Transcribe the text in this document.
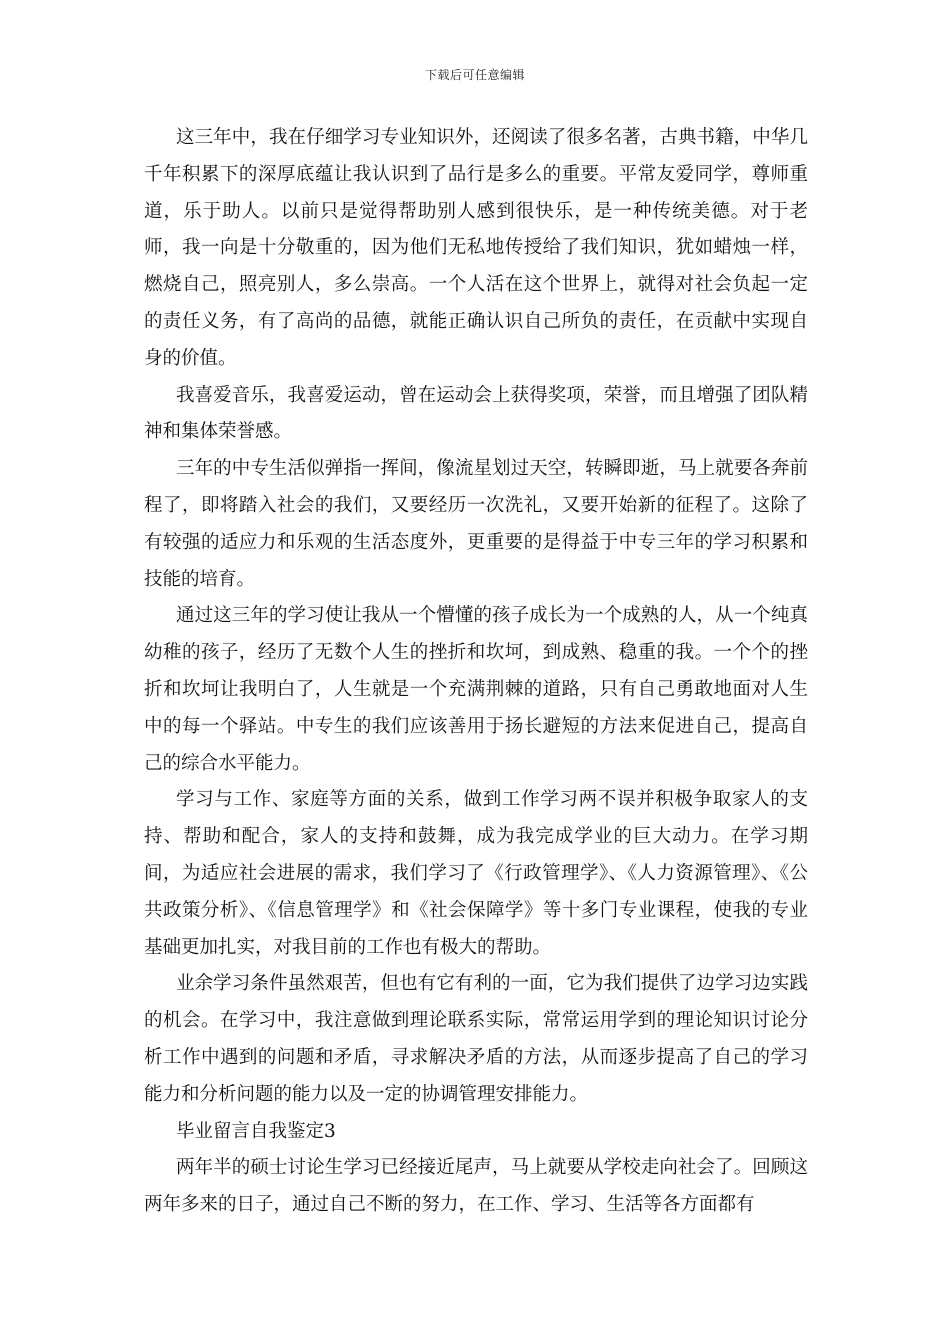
下载后可任意编辑

这三年中，我在仔细学习专业知识外，还阅读了很多名著，古典书籍，中华几千年积累下的深厚底蕴让我认识到了品行是多么的重要。平常友爱同学，尊师重道，乐于助人。以前只是觉得帮助别人感到很快乐，是一种传统美德。对于老师，我一向是十分敬重的，因为他们无私地传授给了我们知识，犹如蜡烛一样，燃烧自己，照亮别人，多么崇高。一个人活在这个世界上，就得对社会负起一定的责任义务，有了高尚的品德，就能正确认识自己所负的责任，在贡献中实现自身的价值。

我喜爱音乐，我喜爱运动，曾在运动会上获得奖项，荣誉，而且增强了团队精神和集体荣誉感。

三年的中专生活似弹指一挥间，像流星划过天空，转瞬即逝，马上就要各奔前程了，即将踏入社会的我们，又要经历一次洗礼，又要开始新的征程了。这除了有较强的适应力和乐观的生活态度外，更重要的是得益于中专三年的学习积累和技能的培育。

通过这三年的学习使让我从一个懵懂的孩子成长为一个成熟的人，从一个纯真幼稚的孩子，经历了无数个人生的挫折和坎坷，到成熟、稳重的我。一个个的挫折和坎坷让我明白了，人生就是一个充满荆棘的道路，只有自己勇敢地面对人生中的每一个驿站。中专生的我们应该善用于扬长避短的方法来促进自己，提高自己的综合水平能力。

学习与工作、家庭等方面的关系，做到工作学习两不误并积极争取家人的支持、帮助和配合，家人的支持和鼓舞，成为我完成学业的巨大动力。在学习期间，为适应社会进展的需求，我们学习了《行政管理学》、《人力资源管理》、《公共政策分析》、《信息管理学》和《社会保障学》等十多门专业课程，使我的专业基础更加扎实，对我目前的工作也有极大的帮助。

业余学习条件虽然艰苦，但也有它有利的一面，它为我们提供了边学习边实践的机会。在学习中，我注意做到理论联系实际，常常运用学到的理论知识讨论分析工作中遇到的问题和矛盾，寻求解决矛盾的方法，从而逐步提高了自己的学习能力和分析问题的能力以及一定的协调管理安排能力。

毕业留言自我鉴定3

两年半的硕士讨论生学习已经接近尾声，马上就要从学校走向社会了。回顾这两年多来的日子，通过自己不断的努力，在工作、学习、生活等各方面都有
